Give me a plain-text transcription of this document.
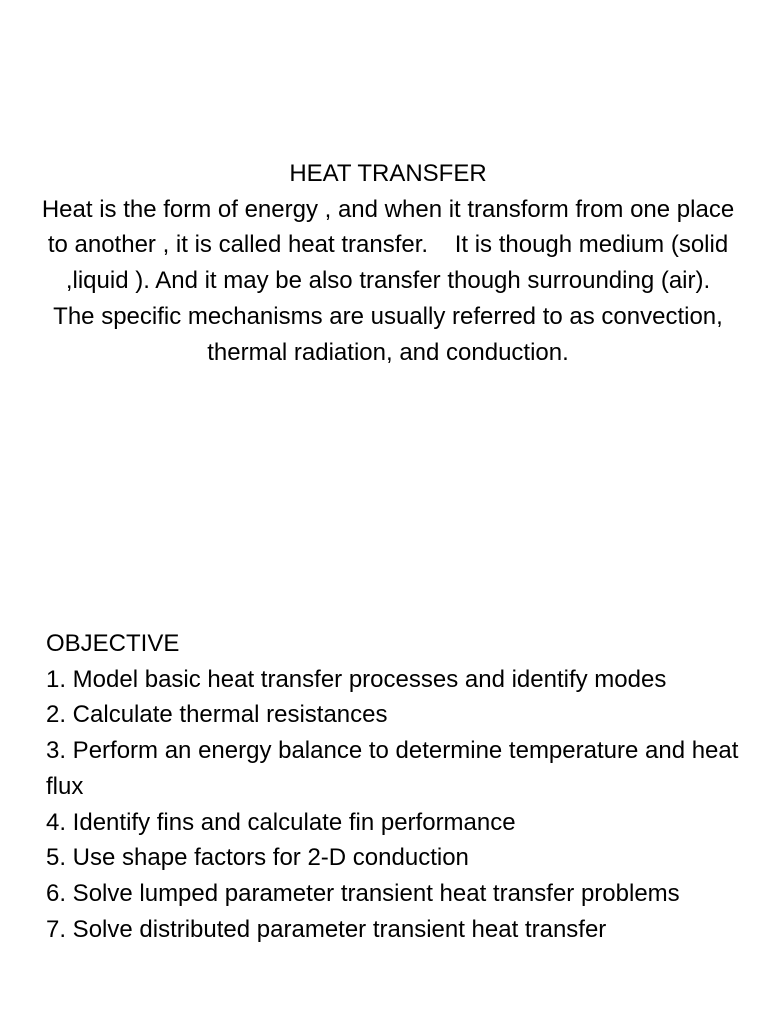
HEAT TRANSFER

Heat is the form of energy , and when it transform from one place to another , it is called heat transfer.    It is though medium (solid ,liquid ). And it may be also transfer though surrounding (air).  The specific mechanisms are usually referred to as convection, thermal radiation, and conduction.

OBJECTIVE
1. Model basic heat transfer processes and identify modes
2. Calculate thermal resistances
3. Perform an energy balance to determine temperature and heat flux
4. Identify fins and calculate fin performance
5. Use shape factors for 2-D conduction
6. Solve lumped parameter transient heat transfer problems
7. Solve distributed parameter transient heat transfer
